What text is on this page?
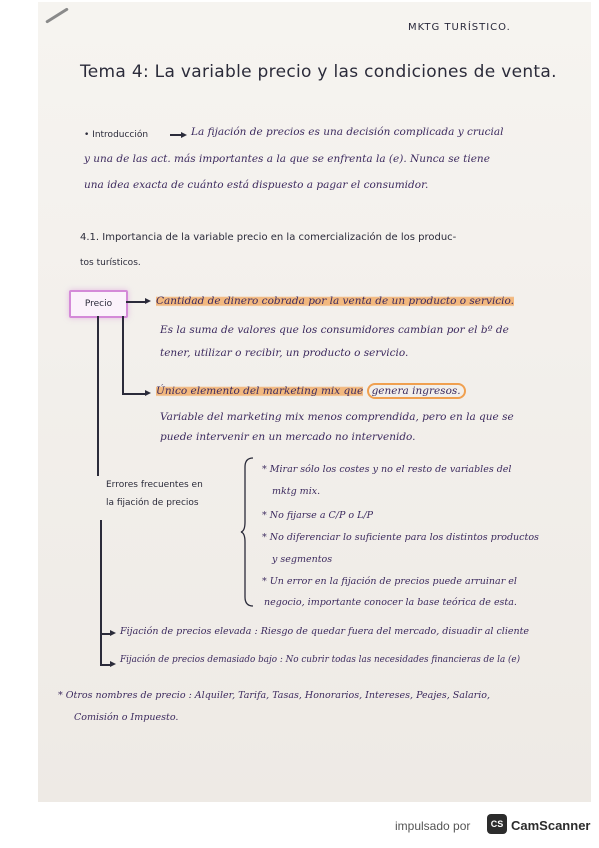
MKTG TURÍSTICO.
Tema 4: La variable precio y las condiciones de venta.
• Introducción	La fijación de precios es una decisión complicada y crucial
y una de las act. más importantes a la que se enfrenta la (e). Nunca se tiene
una idea exacta de cuánto está dispuesto a pagar el consumidor.
4.1. Importancia de la variable precio en la comercialización de los produc-
tos turísticos.
Precio	Cantidad de dinero cobrada por la venta de un producto o servicio.
Es la suma de valores que los consumidores cambian por el bº de
tener, utilizar o recibir, un producto o servicio.
Único elemento del marketing mix que genera ingresos.
Variable del marketing mix menos comprendida, pero en la que se
puede intervenir en un mercado no intervenido.
Errores frecuentes en
la fijación de precios
* Mirar sólo los costes y no el resto de variables del
mktg mix.
* No fijarse a C/P o L/P
* No diferenciar lo suficiente para los distintos productos
y segmentos
* Un error en la fijación de precios puede arruinar el
negocio, importante conocer la base teórica de esta.
Fijación de precios elevada : Riesgo de quedar fuera del mercado, disuadir al cliente
Fijación de precios demasiado bajo : No cubrir todas las necesidades financieras de la (e)
* Otros nombres de precio : Alquiler, Tarifa, Tasas, Honorarios, Intereses, Peajes, Salario,
Comisión o Impuesto.
impulsado por	CS CamScanner
